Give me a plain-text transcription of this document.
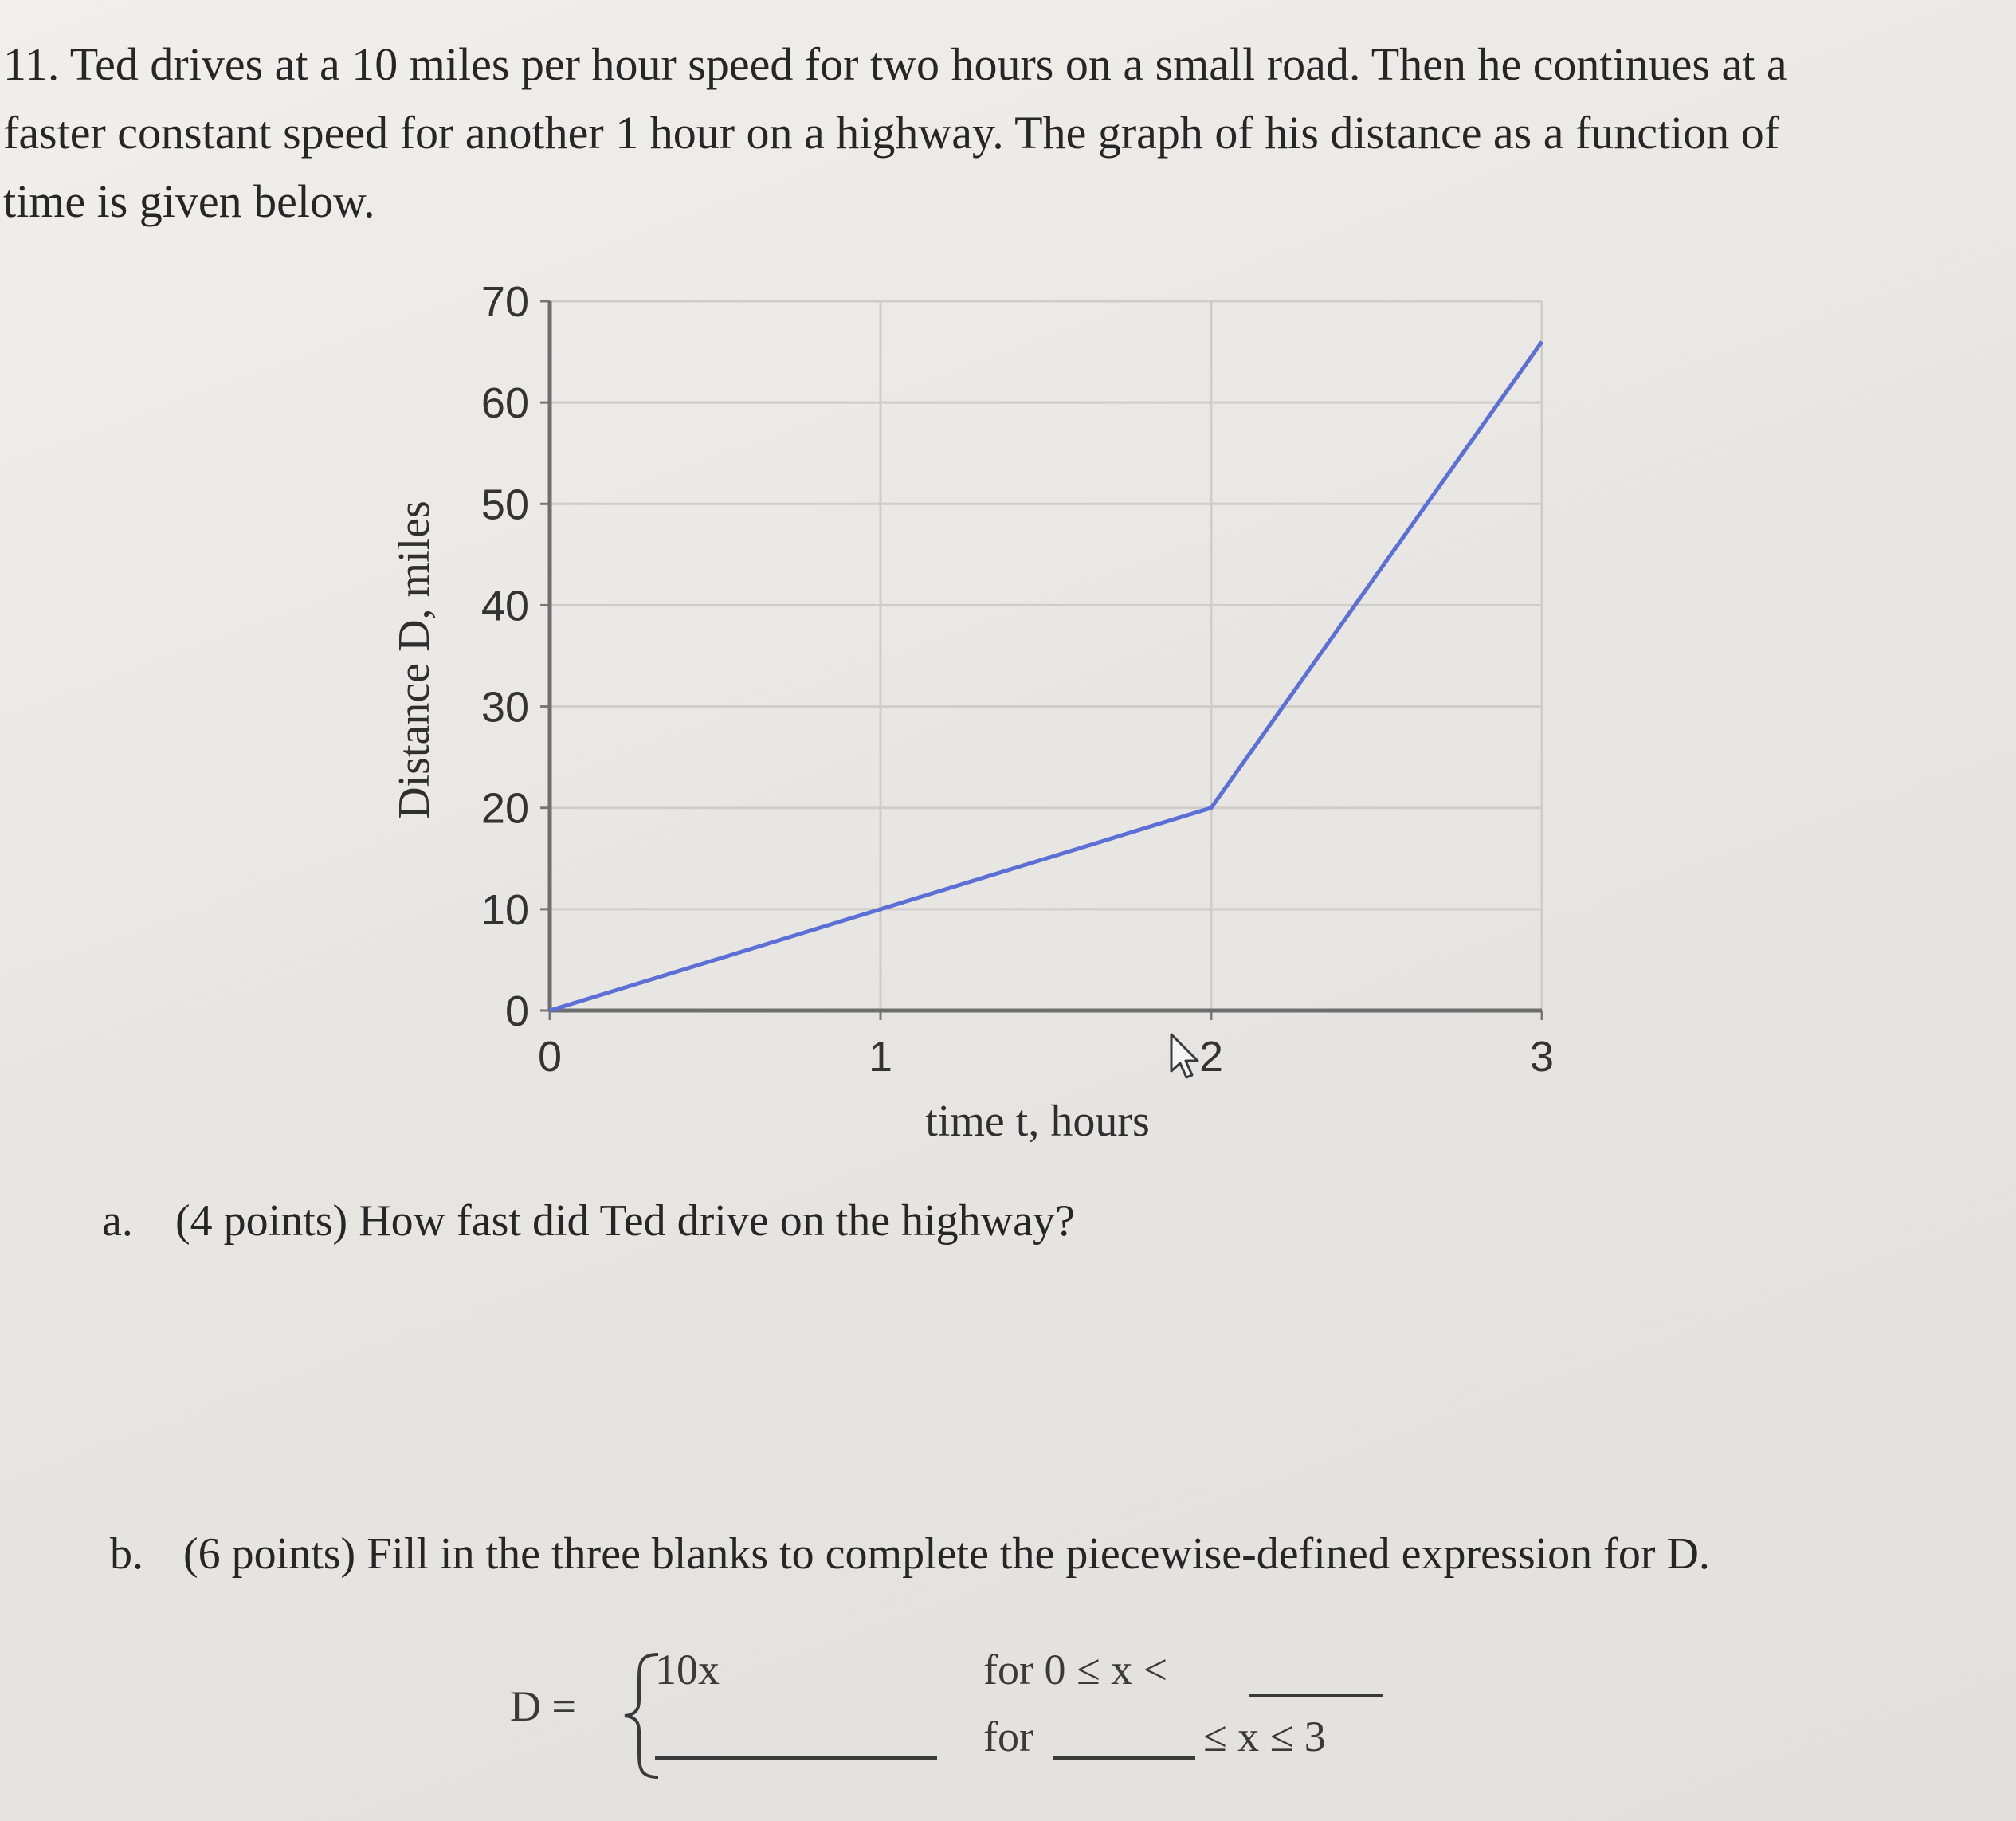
11. Ted drives at a 10 miles per hour speed for two hours on a small road. Then he continues at a
faster constant speed for another 1 hour on a highway. The graph of his distance as a function of
time is given below.
0
10
20
30
40
50
60
70
0	1	2	3
time t, hours
Distance D, miles
a. (4 points) How fast did Ted drive on the highway?
b. (6 points) Fill in the three blanks to complete the piecewise-defined expression for D.
D =
10x	for 0 ≤ x <
for	≤ x ≤ 3
